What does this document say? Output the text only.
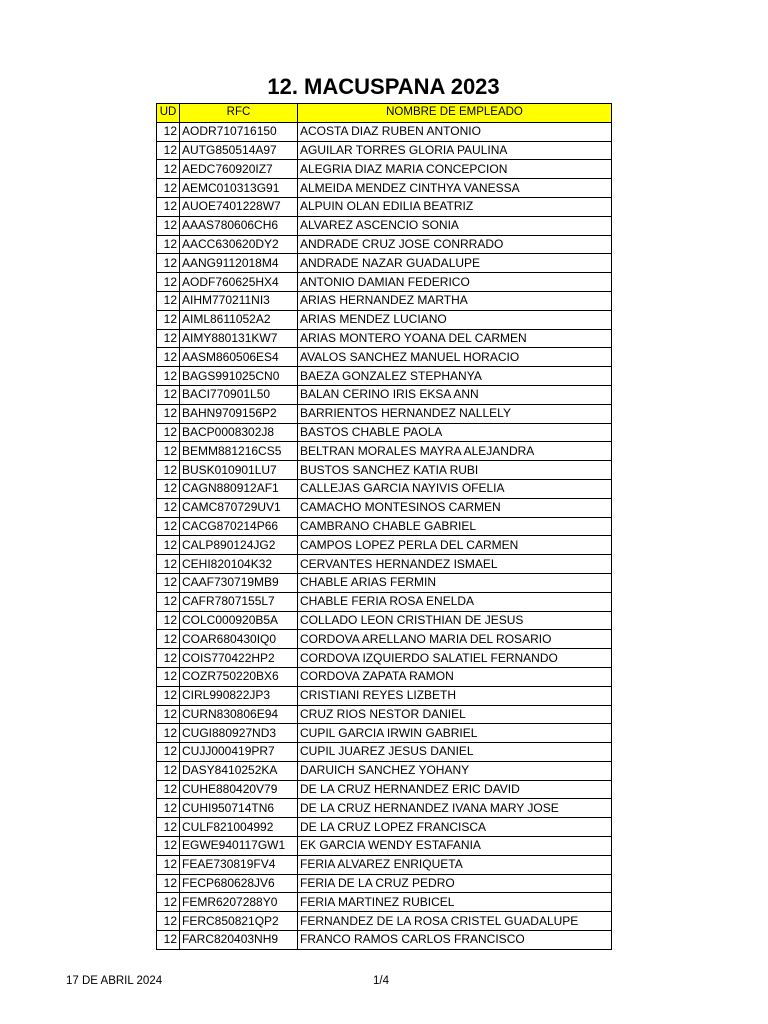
12. MACUSPANA 2023
UD	RFC	NOMBRE DE EMPLEADO
12	AODR710716150	ACOSTA DIAZ RUBEN ANTONIO
12	AUTG850514A97	AGUILAR TORRES GLORIA PAULINA
12	AEDC760920IZ7	ALEGRIA DIAZ MARIA CONCEPCION
12	AEMC010313G91	ALMEIDA MENDEZ CINTHYA VANESSA
12	AUOE7401228W7	ALPUIN OLAN EDILIA BEATRIZ
12	AAAS780606CH6	ALVAREZ ASCENCIO SONIA
12	AACC630620DY2	ANDRADE CRUZ JOSE CONRRADO
12	AANG9112018M4	ANDRADE NAZAR GUADALUPE
12	AODF760625HX4	ANTONIO DAMIAN FEDERICO
12	AIHM770211NI3	ARIAS HERNANDEZ MARTHA
12	AIML8611052A2	ARIAS MENDEZ LUCIANO
12	AIMY880131KW7	ARIAS MONTERO YOANA DEL CARMEN
12	AASM860506ES4	AVALOS SANCHEZ MANUEL HORACIO
12	BAGS991025CN0	BAEZA GONZALEZ STEPHANYA
12	BACI770901L50	BALAN CERINO IRIS EKSA ANN
12	BAHN9709156P2	BARRIENTOS HERNANDEZ NALLELY
12	BACP0008302J8	BASTOS CHABLE PAOLA
12	BEMM881216CS5	BELTRAN MORALES MAYRA ALEJANDRA
12	BUSK010901LU7	BUSTOS SANCHEZ KATIA RUBI
12	CAGN880912AF1	CALLEJAS GARCIA NAYIVIS OFELIA
12	CAMC870729UV1	CAMACHO MONTESINOS CARMEN
12	CACG870214P66	CAMBRANO CHABLE GABRIEL
12	CALP890124JG2	CAMPOS LOPEZ PERLA DEL CARMEN
12	CEHI820104K32	CERVANTES HERNANDEZ ISMAEL
12	CAAF730719MB9	CHABLE ARIAS FERMIN
12	CAFR7807155L7	CHABLE FERIA ROSA ENELDA
12	COLC000920B5A	COLLADO LEON CRISTHIAN DE JESUS
12	COAR680430IQ0	CORDOVA ARELLANO MARIA DEL ROSARIO
12	COIS770422HP2	CORDOVA IZQUIERDO SALATIEL FERNANDO
12	COZR750220BX6	CORDOVA ZAPATA RAMON
12	CIRL990822JP3	CRISTIANI REYES LIZBETH
12	CURN830806E94	CRUZ RIOS NESTOR DANIEL
12	CUGI880927ND3	CUPIL GARCIA IRWIN GABRIEL
12	CUJJ000419PR7	CUPIL JUAREZ JESUS DANIEL
12	DASY8410252KA	DARUICH SANCHEZ YOHANY
12	CUHE880420V79	DE LA CRUZ HERNANDEZ ERIC DAVID
12	CUHI950714TN6	DE LA CRUZ HERNANDEZ IVANA MARY JOSE
12	CULF821004992	DE LA CRUZ LOPEZ FRANCISCA
12	EGWE940117GW1	EK GARCIA WENDY ESTAFANIA
12	FEAE730819FV4	FERIA ALVAREZ ENRIQUETA
12	FECP680628JV6	FERIA DE LA CRUZ PEDRO
12	FEMR6207288Y0	FERIA MARTINEZ RUBICEL
12	FERC850821QP2	FERNANDEZ DE LA ROSA CRISTEL GUADALUPE
12	FARC820403NH9	FRANCO RAMOS CARLOS FRANCISCO
17 DE ABRIL 2024	1/4
